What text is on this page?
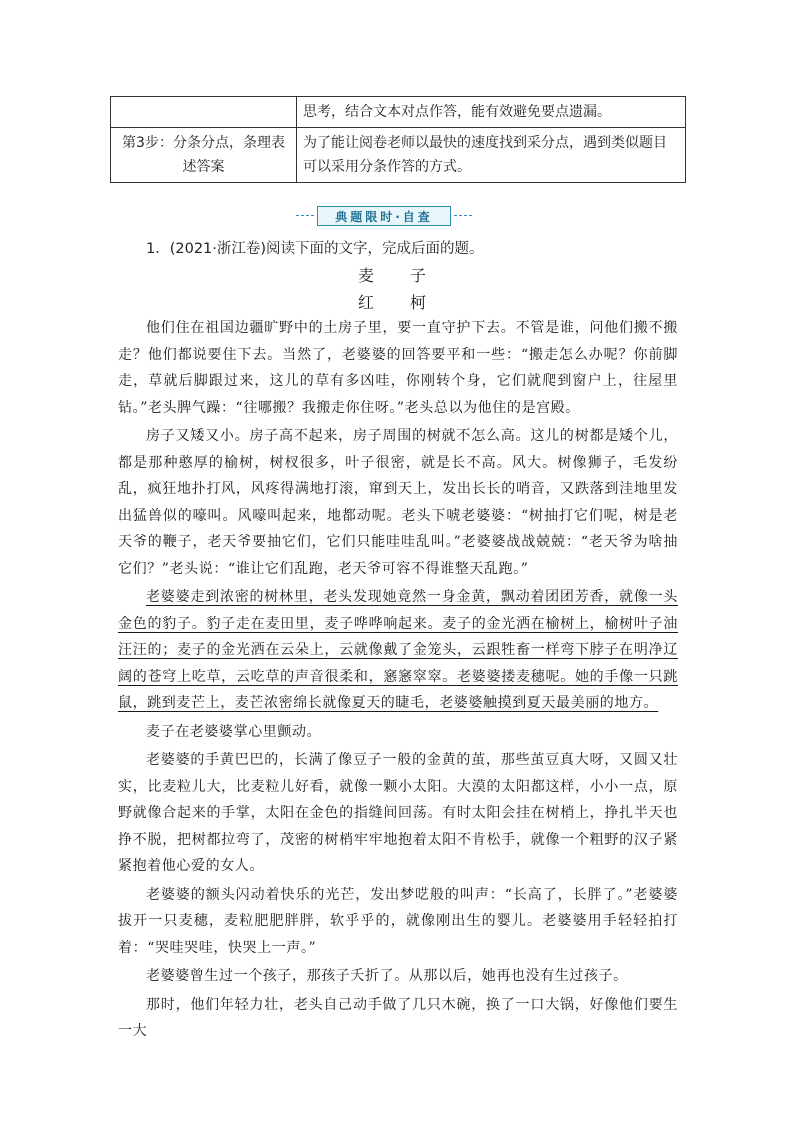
	思考，结合文本对点作答，能有效避免要点遗漏。
第3步：分条分点，条理表述答案	为了能让阅卷老师以最快的速度找到采分点，遇到类似题目可以采用分条作答的方式。
典题限时·自查
1．(2021·浙江卷)阅读下面的文字，完成后面的题。
麦　子
红　柯

他们住在祖国边疆旷野中的土房子里，要一直守护下去。不管是谁，问他们搬不搬走？他们都说要住下去。当然了，老婆婆的回答要平和一些：“搬走怎么办呢？你前脚走，草就后脚跟过来，这儿的草有多凶哇，你刚转个身，它们就爬到窗户上，往屋里钻。”老头脾气躁：“往哪搬？我搬走你住呀。”老头总以为他住的是宫殿。

房子又矮又小。房子高不起来，房子周围的树就不怎么高。这儿的树都是矮个儿，都是那种憨厚的榆树，树杈很多，叶子很密，就是长不高。风大。树像狮子，毛发纷乱，疯狂地扑打风，风疼得满地打滚，窜到天上，发出长长的哨音，又跌落到洼地里发出猛兽似的嚎叫。风嚎叫起来，地都动呢。老头下唬老婆婆：“树抽打它们呢，树是老天爷的鞭子，老天爷要抽它们，它们只能哇哇乱叫。”老婆婆战战兢兢：“老天爷为啥抽它们？”老头说：“谁让它们乱跑，老天爷可容不得谁整天乱跑。”

老婆婆走到浓密的树林里，老头发现她竟然一身金黄，飘动着团团芳香，就像一头金色的豹子。豹子走在麦田里，麦子哗哗响起来。麦子的金光洒在榆树上，榆树叶子油汪汪的；麦子的金光洒在云朵上，云就像戴了金笼头，云跟牲畜一样弯下脖子在明净辽阔的苍穹上吃草，云吃草的声音很柔和，窸窸窣窣。老婆婆搂麦穗呢。她的手像一只跳鼠，跳到麦芒上，麦芒浓密绵长就像夏天的睫毛，老婆婆触摸到夏天最美丽的地方。

麦子在老婆婆掌心里颤动。

老婆婆的手黄巴巴的，长满了像豆子一般的金黄的茧，那些茧豆真大呀，又圆又壮实，比麦粒儿大，比麦粒儿好看，就像一颗小太阳。大漠的太阳都这样，小小一点，原野就像合起来的手掌，太阳在金色的指缝间回荡。有时太阳会挂在树梢上，挣扎半天也挣不脱，把树都拉弯了，茂密的树梢牢牢地抱着太阳不肯松手，就像一个粗野的汉子紧紧抱着他心爱的女人。

老婆婆的额头闪动着快乐的光芒，发出梦呓般的叫声：“长高了，长胖了。”老婆婆拔开一只麦穗，麦粒肥肥胖胖，软乎乎的，就像刚出生的婴儿。老婆婆用手轻轻拍打着：“哭哇哭哇，快哭上一声。”

老婆婆曾生过一个孩子，那孩子夭折了。从那以后，她再也没有生过孩子。

那时，他们年轻力壮，老头自己动手做了几只木碗，换了一口大锅，好像他们要生一大
